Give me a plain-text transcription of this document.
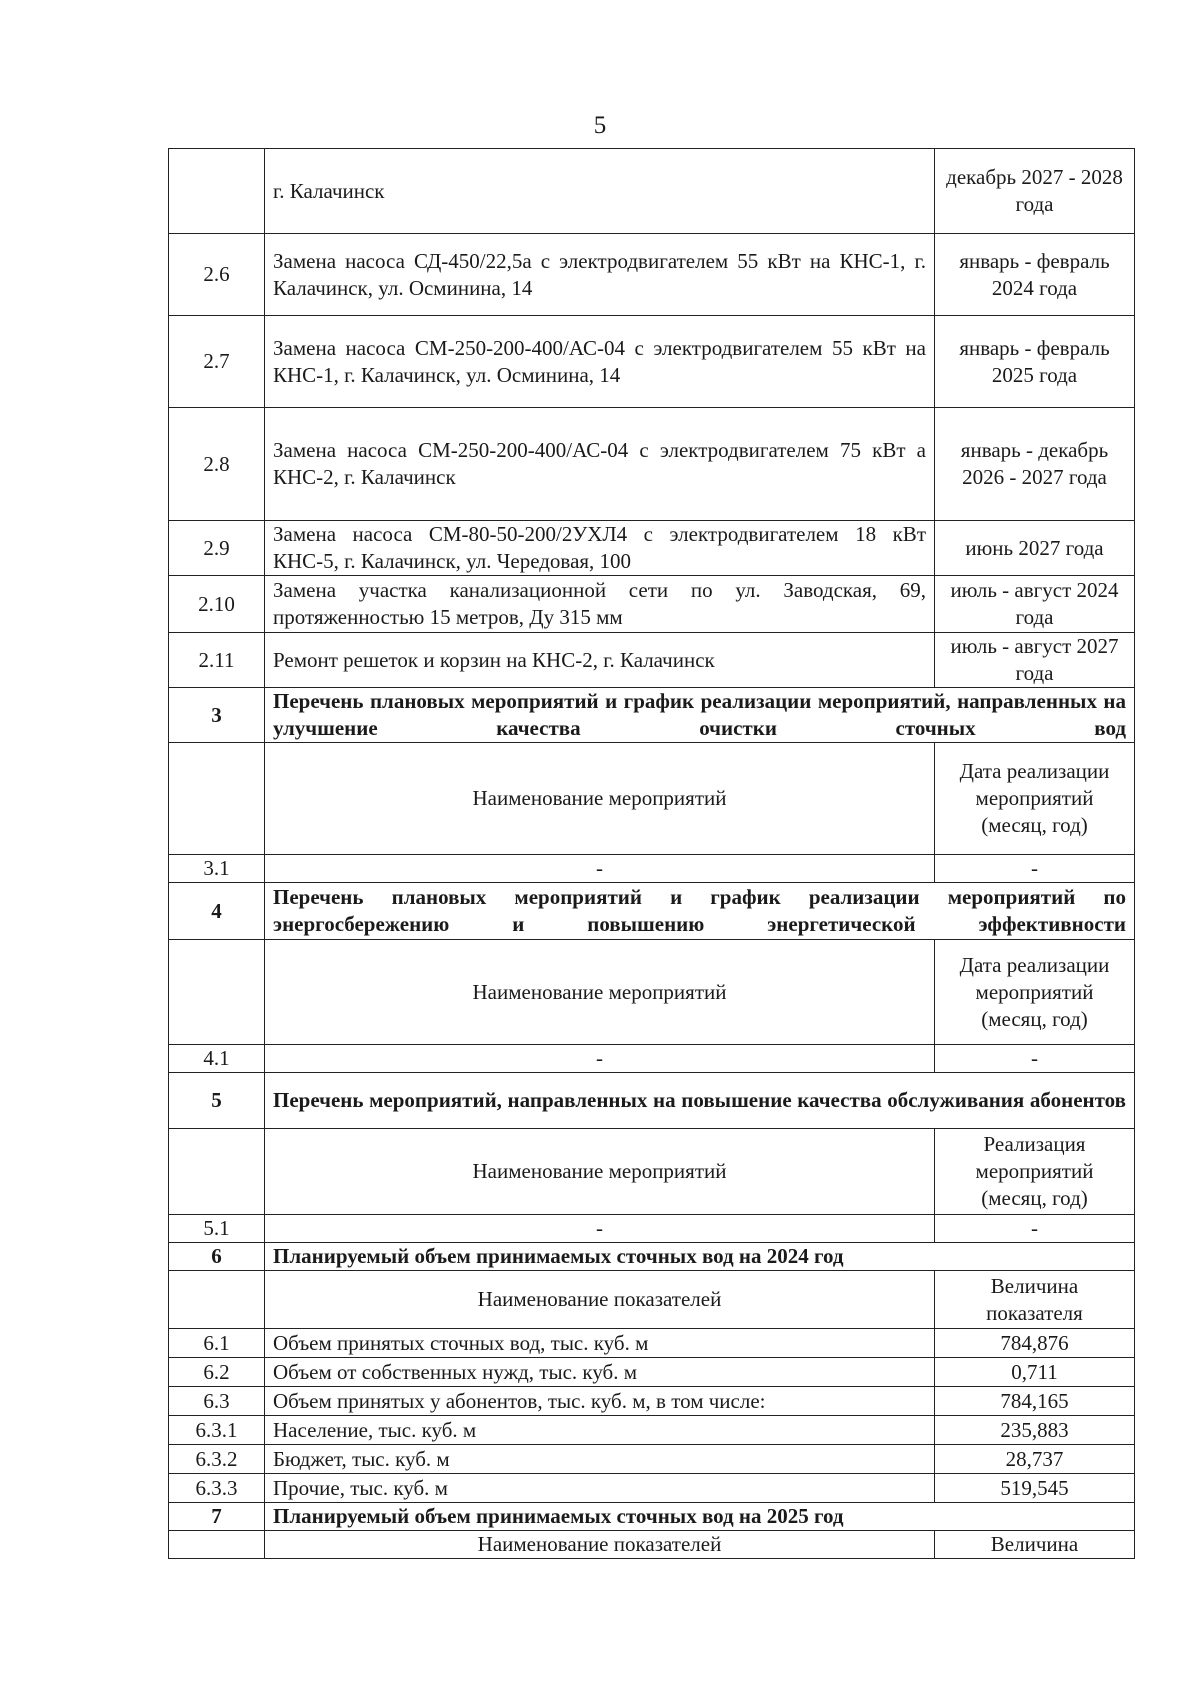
5
	г. Калачинск	декабрь 2027 - 2028 года
2.6	Замена насоса СД-450/22,5а с электродвигателем 55 кВт на КНС-1, г. Калачинск, ул. Осминина, 14	январь - февраль 2024 года
2.7	Замена насоса СМ-250-200-400/АС-04 с электродвигателем 55 кВт на КНС-1, г. Калачинск, ул. Осминина, 14	январь - февраль 2025 года
2.8	Замена насоса СМ-250-200-400/АС-04 с электродвигателем 75 кВт а КНС-2, г. Калачинск	январь - декабрь 2026 - 2027 года
2.9	Замена насоса СМ-80-50-200/2УХЛ4 с электродвигателем 18 кВт КНС-5, г. Калачинск, ул. Чередовая, 100	июнь 2027 года
2.10	Замена участка канализационной сети по ул. Заводская, 69, протяженностью 15 метров, Ду 315 мм	июль - август 2024 года
2.11	Ремонт решеток и корзин на КНС-2, г. Калачинск	июль - август 2027 года
3	Перечень плановых мероприятий и график реализации мероприятий, направленных на улучшение качества очистки сточных вод	
	Наименование мероприятий	Дата реализации мероприятий (месяц, год)
3.1	-	-
4	Перечень плановых мероприятий и график реализации мероприятий по энергосбережению и повышению энергетической эффективности	
	Наименование мероприятий	Дата реализации мероприятий (месяц, год)
4.1	-	-
5	Перечень мероприятий, направленных на повышение качества обслуживания абонентов	
	Наименование мероприятий	Реализация мероприятий (месяц, год)
5.1	-	-
6	Планируемый объем принимаемых сточных вод на 2024 год	
	Наименование показателей	Величина показателя
6.1	Объем принятых сточных вод, тыс. куб. м	784,876
6.2	Объем от собственных нужд, тыс. куб. м	0,711
6.3	Объем принятых у абонентов, тыс. куб. м, в том числе:	784,165
6.3.1	Население, тыс. куб. м	235,883
6.3.2	Бюджет, тыс. куб. м	28,737
6.3.3	Прочие, тыс. куб. м	519,545
7	Планируемый объем принимаемых сточных вод на 2025 год	
	Наименование показателей	Величина
